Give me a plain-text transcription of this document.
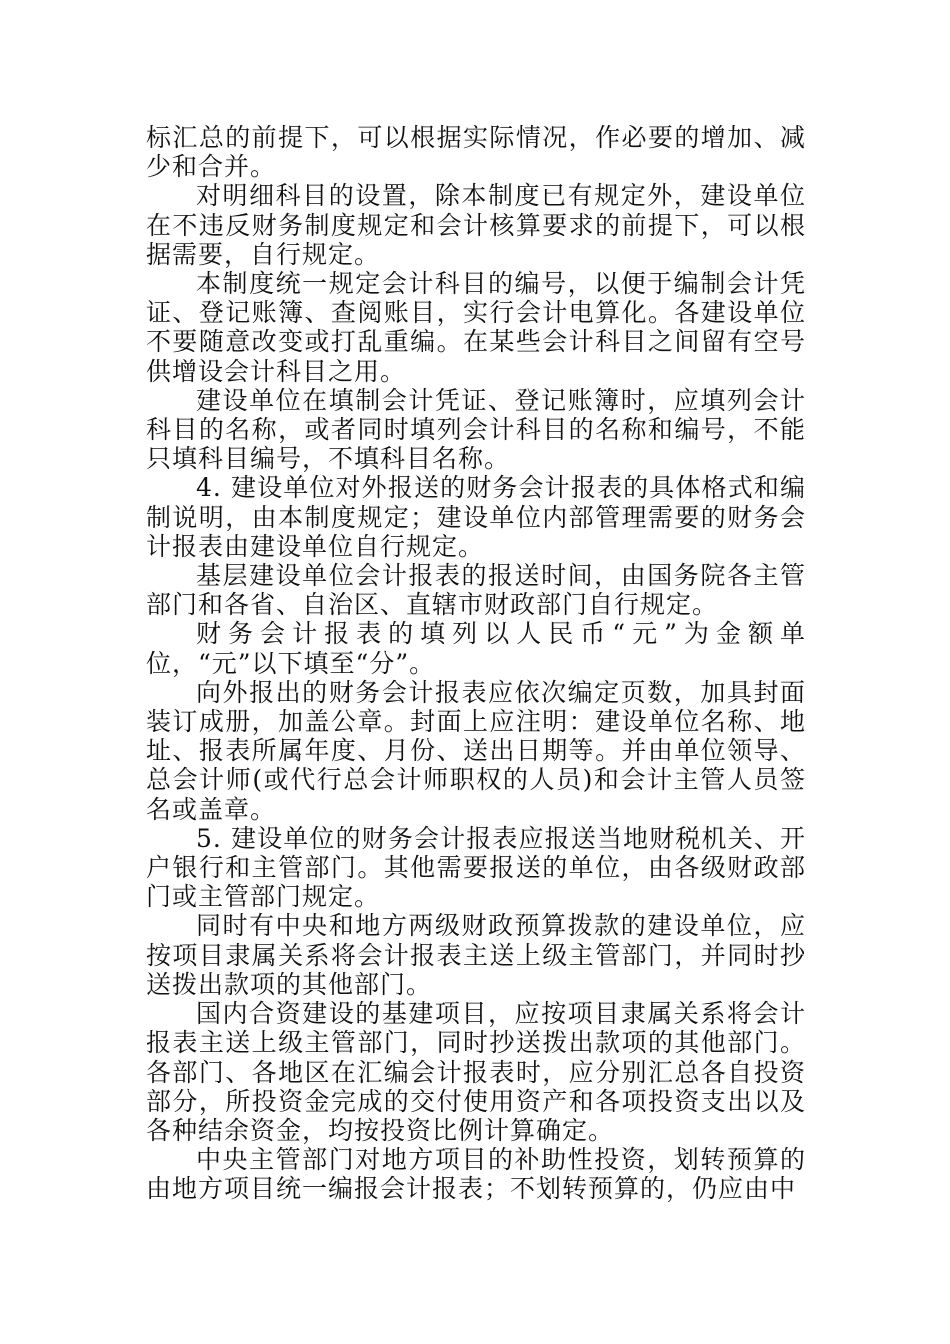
标汇总的前提下，可以根据实际情况，作必要的增加、减少和合并。

对明细科目的设置，除本制度已有规定外，建设单位在不违反财务制度规定和会计核算要求的前提下，可以根据需要，自行规定。

本制度统一规定会计科目的编号，以便于编制会计凭证、登记账簿、查阅账目，实行会计电算化。各建设单位不要随意改变或打乱重编。在某些会计科目之间留有空号供增设会计科目之用。

建设单位在填制会计凭证、登记账簿时，应填列会计科目的名称，或者同时填列会计科目的名称和编号，不能只填科目编号，不填科目名称。

4. 建设单位对外报送的财务会计报表的具体格式和编制说明，由本制度规定；建设单位内部管理需要的财务会计报表由建设单位自行规定。

基层建设单位会计报表的报送时间，由国务院各主管部门和各省、自治区、直辖市财政部门自行规定。

财务会计报表的填列以人民币“元”为金额单位，“元”以下填至“分”。

向外报出的财务会计报表应依次编定页数，加具封面装订成册，加盖公章。封面上应注明：建设单位名称、地址、报表所属年度、月份、送出日期等。并由单位领导、总会计师(或代行总会计师职权的人员)和会计主管人员签名或盖章。

5. 建设单位的财务会计报表应报送当地财税机关、开户银行和主管部门。其他需要报送的单位，由各级财政部门或主管部门规定。

同时有中央和地方两级财政预算拨款的建设单位，应按项目隶属关系将会计报表主送上级主管部门，并同时抄送拨出款项的其他部门。

国内合资建设的基建项目，应按项目隶属关系将会计报表主送上级主管部门，同时抄送拨出款项的其他部门。各部门、各地区在汇编会计报表时，应分别汇总各自投资部分，所投资金完成的交付使用资产和各项投资支出以及各种结余资金，均按投资比例计算确定。

中央主管部门对地方项目的补助性投资，划转预算的由地方项目统一编报会计报表；不划转预算的，仍应由中
